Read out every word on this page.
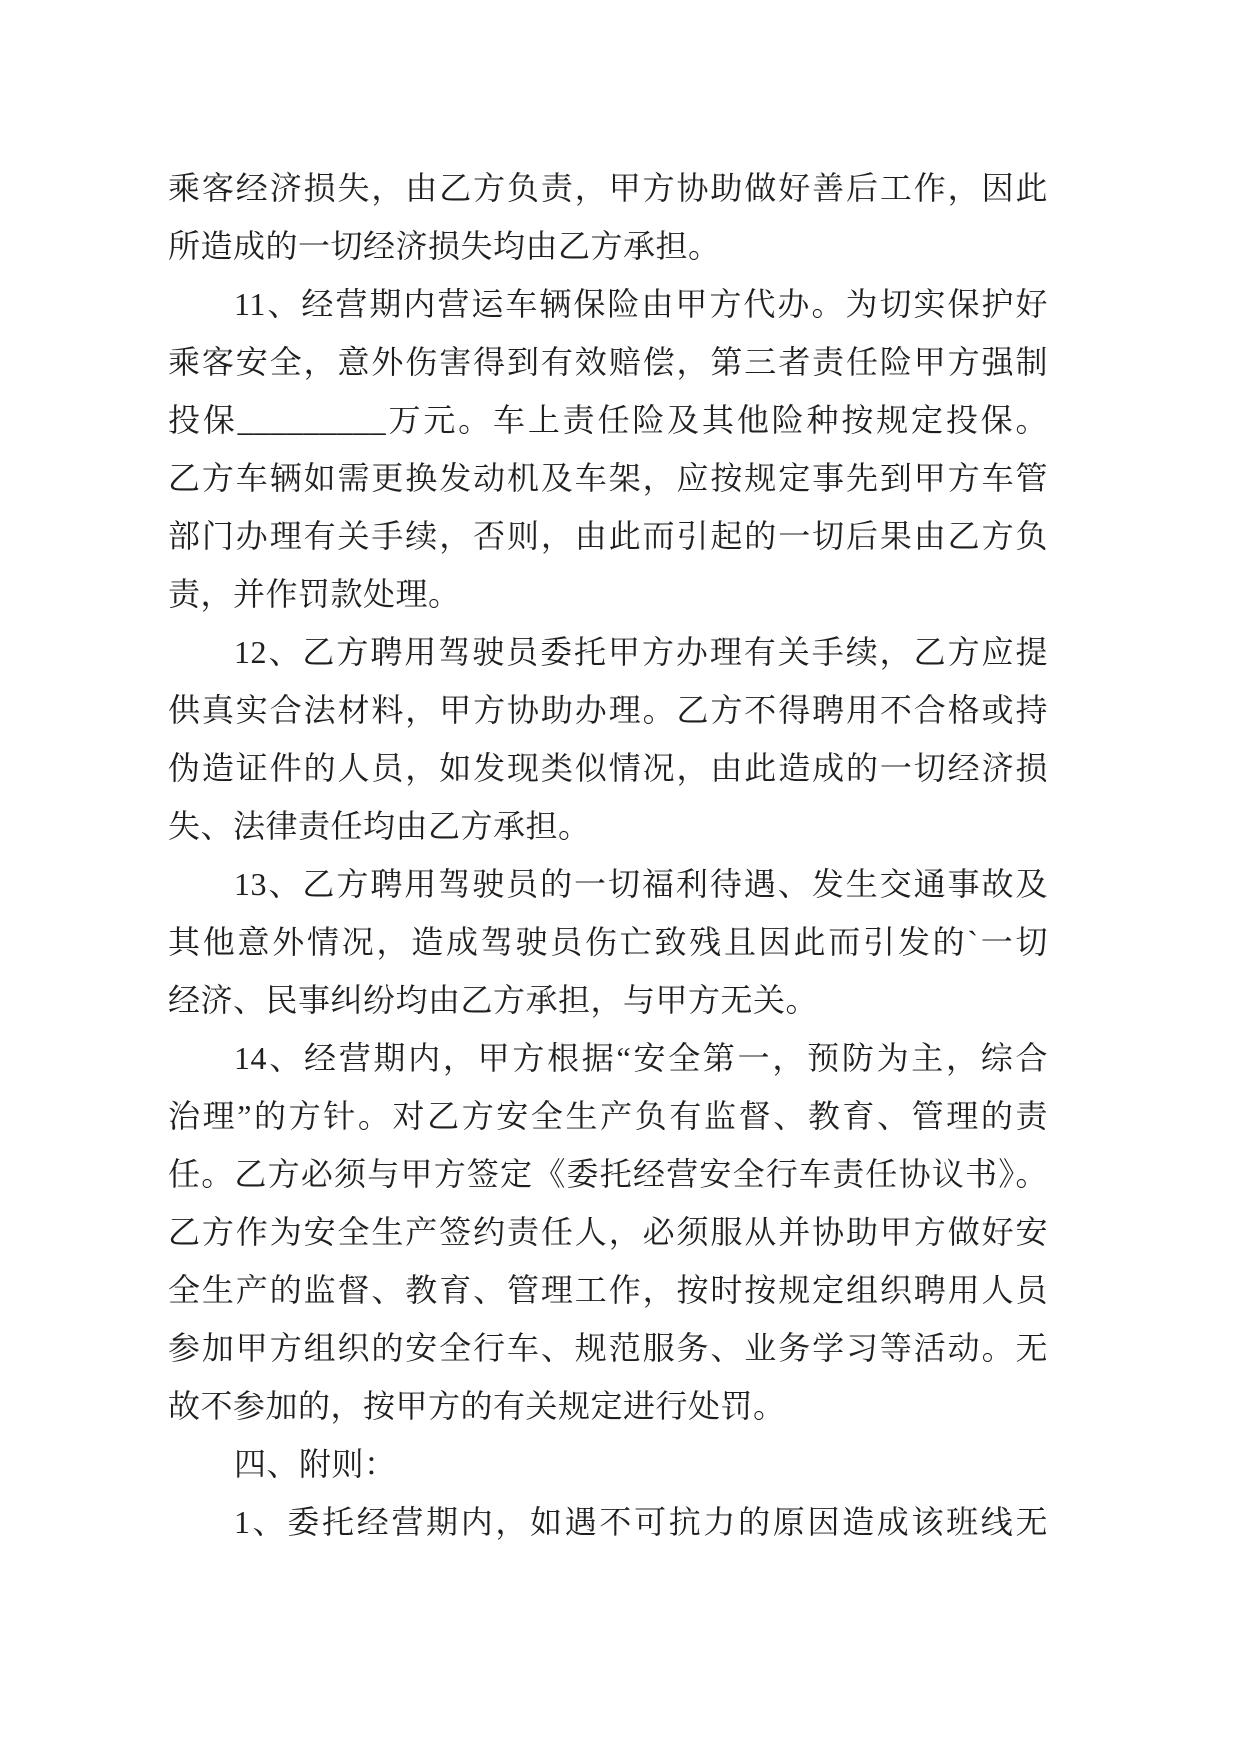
乘客经济损失，由乙方负责，甲方协助做好善后工作，因此
所造成的一切经济损失均由乙方承担。
11、经营期内营运车辆保险由甲方代办。为切实保护好
乘客安全，意外伤害得到有效赔偿，第三者责任险甲方强制
投保_________万元。车上责任险及其他险种按规定投保。
乙方车辆如需更换发动机及车架，应按规定事先到甲方车管
部门办理有关手续，否则，由此而引起的一切后果由乙方负
责，并作罚款处理。
12、乙方聘用驾驶员委托甲方办理有关手续，乙方应提
供真实合法材料，甲方协助办理。乙方不得聘用不合格或持
伪造证件的人员，如发现类似情况，由此造成的一切经济损
失、法律责任均由乙方承担。
13、乙方聘用驾驶员的一切福利待遇、发生交通事故及
其他意外情况，造成驾驶员伤亡致残且因此而引发的`一切
经济、民事纠纷均由乙方承担，与甲方无关。
14、经营期内，甲方根据“安全第一，预防为主，综合
治理”的方针。对乙方安全生产负有监督、教育、管理的责
任。乙方必须与甲方签定《委托经营安全行车责任协议书》。
乙方作为安全生产签约责任人，必须服从并协助甲方做好安
全生产的监督、教育、管理工作，按时按规定组织聘用人员
参加甲方组织的安全行车、规范服务、业务学习等活动。无
故不参加的，按甲方的有关规定进行处罚。
四、附则：
1、委托经营期内，如遇不可抗力的原因造成该班线无
